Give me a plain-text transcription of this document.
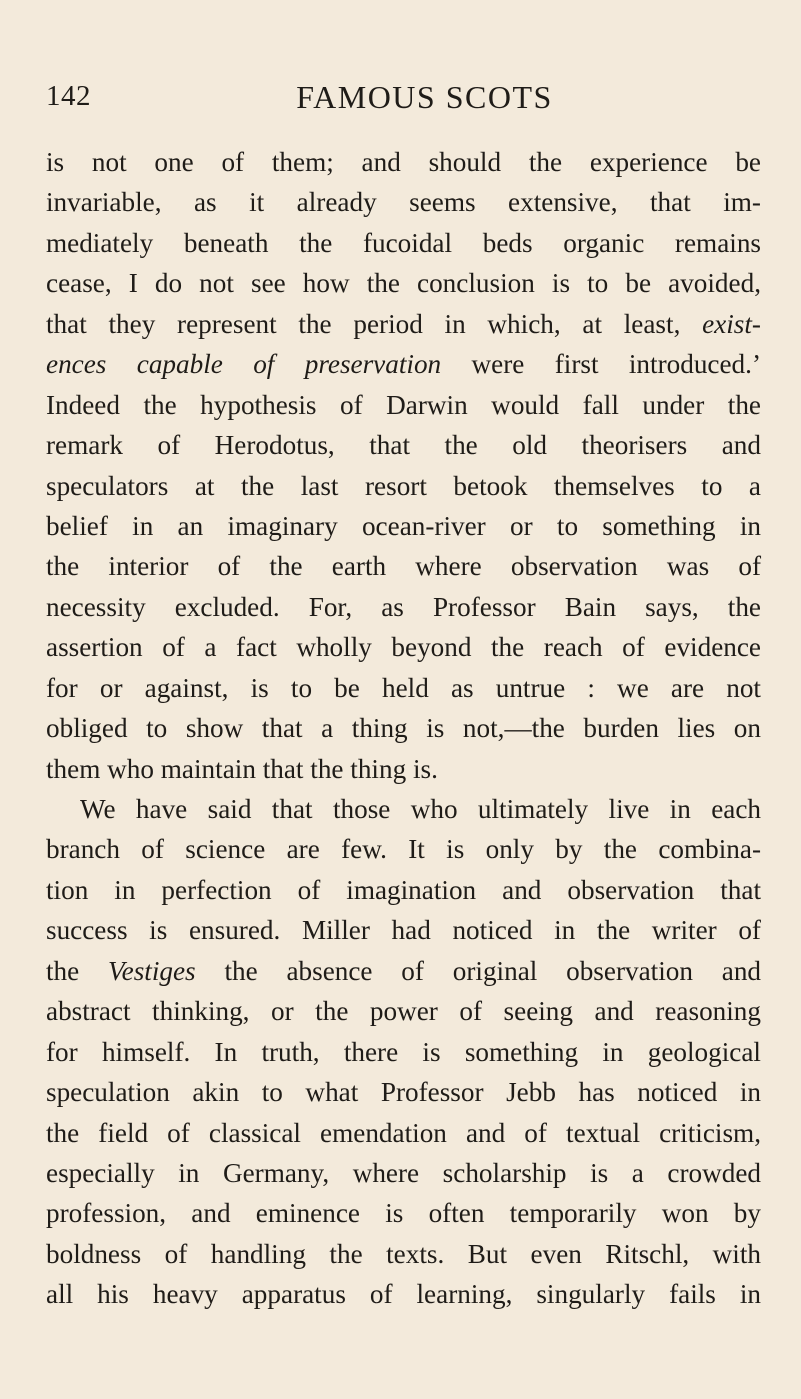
142	FAMOUS SCOTS
is not one of them; and should the experience be
invariable, as it already seems extensive, that im-
mediately beneath the fucoidal beds organic remains
cease, I do not see how the conclusion is to be avoided,
that they represent the period in which, at least, exist-
ences capable of preservation were first introduced.’
Indeed the hypothesis of Darwin would fall under the
remark of Herodotus, that the old theorisers and
speculators at the last resort betook themselves to a
belief in an imaginary ocean-river or to something in
the interior of the earth where observation was of
necessity excluded. For, as Professor Bain says, the
assertion of a fact wholly beyond the reach of evidence
for or against, is to be held as untrue : we are not
obliged to show that a thing is not,—the burden lies on
them who maintain that the thing is.
We have said that those who ultimately live in each
branch of science are few. It is only by the combina-
tion in perfection of imagination and observation that
success is ensured. Miller had noticed in the writer of
the Vestiges the absence of original observation and
abstract thinking, or the power of seeing and reasoning
for himself. In truth, there is something in geological
speculation akin to what Professor Jebb has noticed in
the field of classical emendation and of textual criticism,
especially in Germany, where scholarship is a crowded
profession, and eminence is often temporarily won by
boldness of handling the texts. But even Ritschl, with
all his heavy apparatus of learning, singularly fails in
